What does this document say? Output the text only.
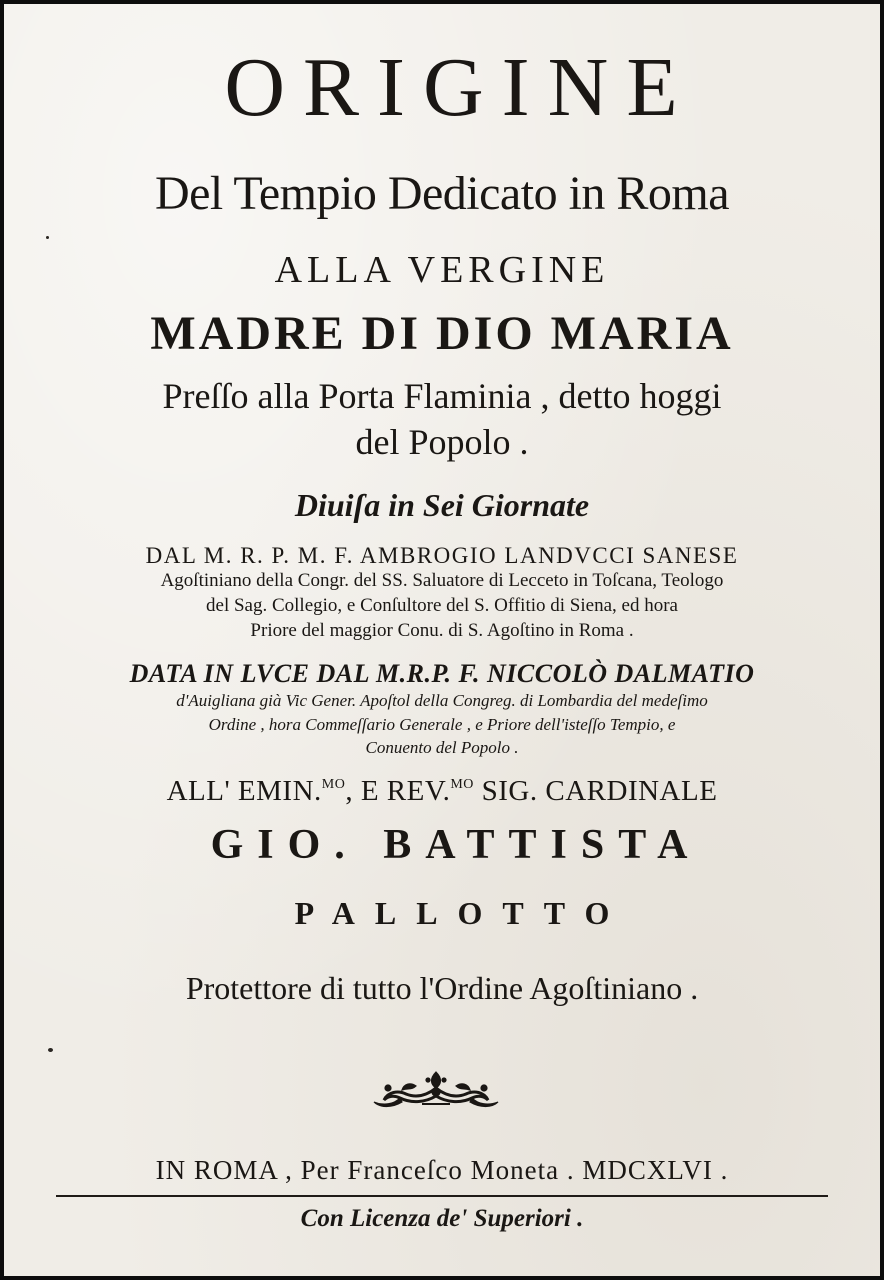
ORIGINE
Del Tempio Dedicato in Roma
ALLA VERGINE
MADRE DI DIO MARIA
Preſſo alla Porta Flaminia , detto hoggi
del Popolo .
Diuiſa in Sei Giornate
DAL M. R. P. M. F. AMBROGIO LANDVCCI SANESE
Agoſtiniano della Congr. del SS. Saluatore di Lecceto in Toſcana, Teologo
del Sag. Collegio, e Conſultore del S. Offitio di Siena, ed hora
Priore del maggior Conu. di S. Agoſtino in Roma .
DATA IN LVCE DAL M.R.P. F. NICCOLÒ DALMATIO
d'Auigliana già Vic Gener. Apoſtol della Congreg. di Lombardia del medeſimo
Ordine , hora Commeſſario Generale , e Priore dell'isteſſo Tempio, e
Conuento del Popolo .
ALL' EMIN.$^{MO}$, E REV.$^{MO}$ SIG. CARDINALE
GIO. BATTISTA
PALLOTTO
Protettore di tutto l'Ordine Agoſtiniano .
IN ROMA , Per Franceſco Moneta . MDCXLVI .
Con Licenza de' Superiori .
